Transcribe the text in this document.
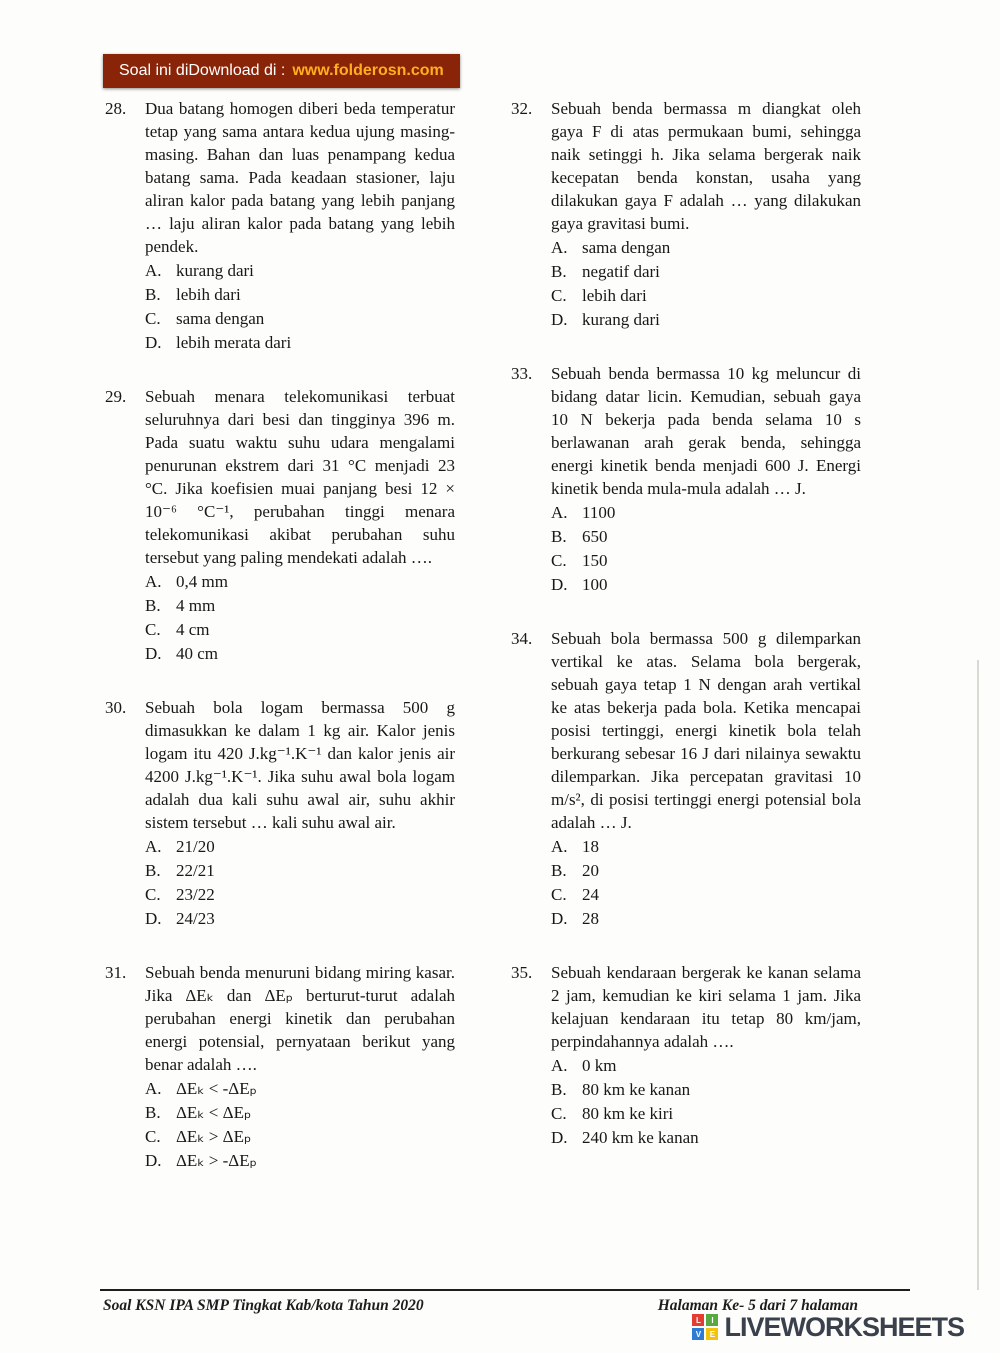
Soal ini diDownload di : www.folderosn.com
28.	Dua batang homogen diberi beda temperatur tetap yang sama antara kedua ujung masing-masing. Bahan dan luas penampang kedua batang sama. Pada keadaan stasioner, laju aliran kalor pada batang yang lebih panjang … laju aliran kalor pada batang yang lebih pendek.
A. kurang dari
B. lebih dari
C. sama dengan
D. lebih merata dari
29.	Sebuah menara telekomunikasi terbuat seluruhnya dari besi dan tingginya 396 m. Pada suatu waktu suhu udara mengalami penurunan ekstrem dari 31 °C menjadi 23 °C. Jika koefisien muai panjang besi 12 × 10⁻⁶ °C⁻¹, perubahan tinggi menara telekomunikasi akibat perubahan suhu tersebut yang paling mendekati adalah ….
A. 0,4 mm
B. 4 mm
C. 4 cm
D. 40 cm
30.	Sebuah bola logam bermassa 500 g dimasukkan ke dalam 1 kg air. Kalor jenis logam itu 420 J.kg⁻¹.K⁻¹ dan kalor jenis air 4200 J.kg⁻¹.K⁻¹. Jika suhu awal bola logam adalah dua kali suhu awal air, suhu akhir sistem tersebut … kali suhu awal air.
A. 21/20
B. 22/21
C. 23/22
D. 24/23
31.	Sebuah benda menuruni bidang miring kasar. Jika ΔEₖ dan ΔEₚ berturut-turut adalah perubahan energi kinetik dan perubahan energi potensial, pernyataan berikut yang benar adalah ….
A. ΔEₖ < -ΔEₚ
B. ΔEₖ < ΔEₚ
C. ΔEₖ > ΔEₚ
D. ΔEₖ > -ΔEₚ
32.	Sebuah benda bermassa m diangkat oleh gaya F di atas permukaan bumi, sehingga naik setinggi h. Jika selama bergerak naik kecepatan benda konstan, usaha yang dilakukan gaya F adalah … yang dilakukan gaya gravitasi bumi.
A. sama dengan
B. negatif dari
C. lebih dari
D. kurang dari
33.	Sebuah benda bermassa 10 kg meluncur di bidang datar licin. Kemudian, sebuah gaya 10 N bekerja pada benda selama 10 s berlawanan arah gerak benda, sehingga energi kinetik benda menjadi 600 J. Energi kinetik benda mula-mula adalah … J.
A. 1100
B. 650
C. 150
D. 100
34.	Sebuah bola bermassa 500 g dilemparkan vertikal ke atas. Selama bola bergerak, sebuah gaya tetap 1 N dengan arah vertikal ke atas bekerja pada bola. Ketika mencapai posisi tertinggi, energi kinetik bola telah berkurang sebesar 16 J dari nilainya sewaktu dilemparkan. Jika percepatan gravitasi 10 m/s², di posisi tertinggi energi potensial bola adalah … J.
A. 18
B. 20
C. 24
D. 28
35.	Sebuah kendaraan bergerak ke kanan selama 2 jam, kemudian ke kiri selama 1 jam. Jika kelajuan kendaraan itu tetap 80 km/jam, perpindahannya adalah ….
A. 0 km
B. 80 km ke kanan
C. 80 km ke kiri
D. 240 km ke kanan
Soal KSN IPA SMP Tingkat Kab/kota Tahun 2020	Halaman Ke- 5 dari 7 halaman
L	I
V	E LIVEWORKSHEETS
